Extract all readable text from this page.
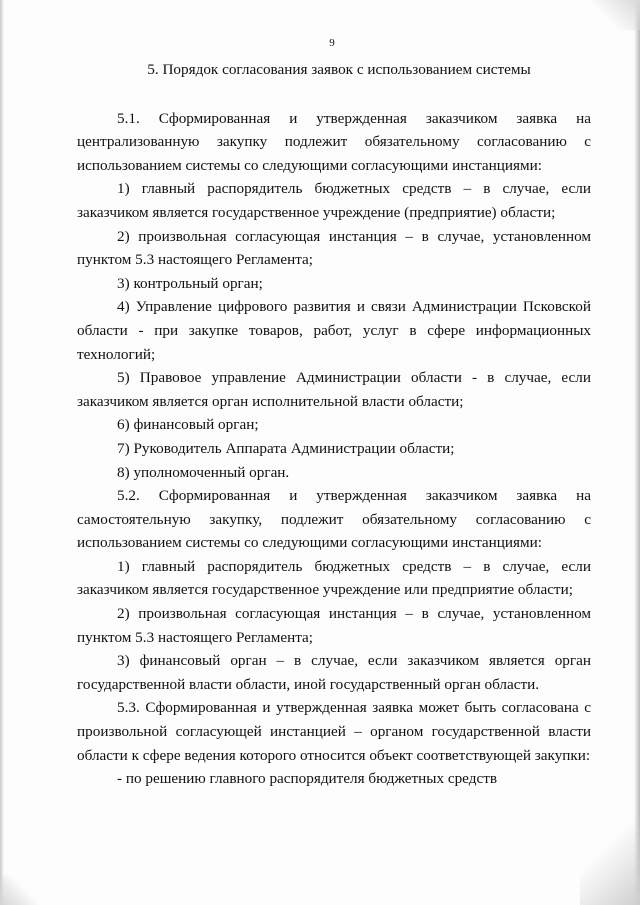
9

5. Порядок согласования заявок с использованием системы

5.1. Сформированная и утвержденная заказчиком заявка на централизованную закупку подлежит обязательному согласованию с использованием системы со следующими согласующими инстанциями:

1) главный распорядитель бюджетных средств – в случае, если заказчиком является государственное учреждение (предприятие) области;

2) произвольная согласующая инстанция – в случае, установленном пунктом 5.3 настоящего Регламента;

3) контрольный орган;

4) Управление цифрового развития и связи Администрации Псковской области - при закупке товаров, работ, услуг в сфере информационных технологий;

5) Правовое управление Администрации области - в случае, если заказчиком является орган исполнительной власти области;

6) финансовый орган;

7) Руководитель Аппарата Администрации области;

8) уполномоченный орган.

5.2. Сформированная и утвержденная заказчиком заявка на самостоятельную закупку, подлежит обязательному согласованию с использованием системы со следующими согласующими инстанциями:

1) главный распорядитель бюджетных средств – в случае, если заказчиком является государственное учреждение или предприятие области;

2) произвольная согласующая инстанция – в случае, установленном пунктом 5.3 настоящего Регламента;

3) финансовый орган – в случае, если заказчиком является орган государственной власти области, иной государственный орган области.

5.3. Сформированная и утвержденная заявка может быть согласована с произвольной согласующей инстанцией – органом государственной власти области к сфере ведения которого относится объект соответствующей закупки:

- по решению главного распорядителя бюджетных средств
